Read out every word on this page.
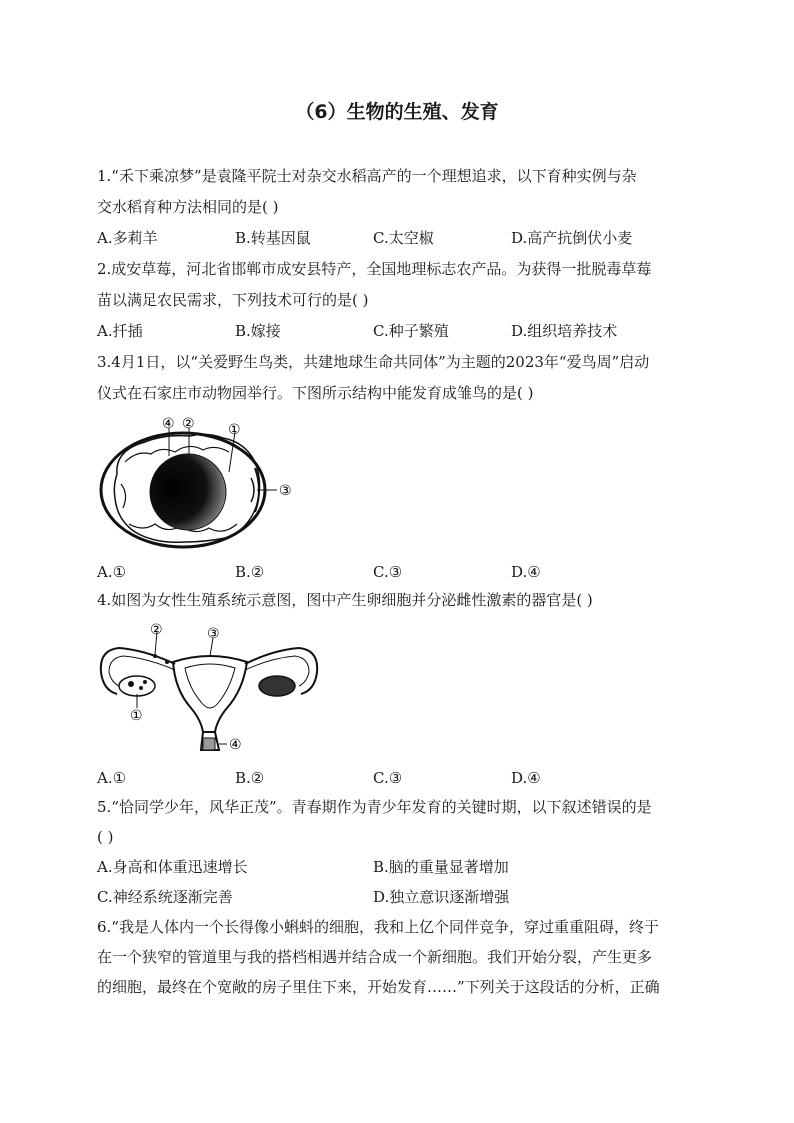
（6）生物的生殖、发育
1.“禾下乘凉梦”是袁隆平院士对杂交水稻高产的一个理想追求，以下育种实例与杂
交水稻育种方法相同的是( )
A.多莉羊	B.转基因鼠	C.太空椒	D.高产抗倒伏小麦
2.成安草莓，河北省邯郸市成安县特产，全国地理标志农产品。为获得一批脱毒草莓
苗以满足农民需求，下列技术可行的是( )
A.扦插	B.嫁接	C.种子繁殖	D.组织培养技术
3.4月1日，以“关爱野生鸟类，共建地球生命共同体”为主题的2023年“爱鸟周”启动
仪式在石家庄市动物园举行。下图所示结构中能发育成雏鸟的是( )
④ ② ①
③
A.①	B.②	C.③	D.④
4.如图为女性生殖系统示意图，图中产生卵细胞并分泌雌性激素的器官是( )
②	③
①
④
A.①	B.②	C.③	D.④
5.“恰同学少年，风华正茂”。青春期作为青少年发育的关键时期，以下叙述错误的是
( )
A.身高和体重迅速增长	B.脑的重量显著增加
C.神经系统逐渐完善	D.独立意识逐渐增强
6.“我是人体内一个长得像小蝌蚪的细胞，我和上亿个同伴竞争，穿过重重阻碍，终于
在一个狭窄的管道里与我的搭档相遇并结合成一个新细胞。我们开始分裂，产生更多
的细胞，最终在个宽敞的房子里住下来，开始发育……”下列关于这段话的分析，正确
